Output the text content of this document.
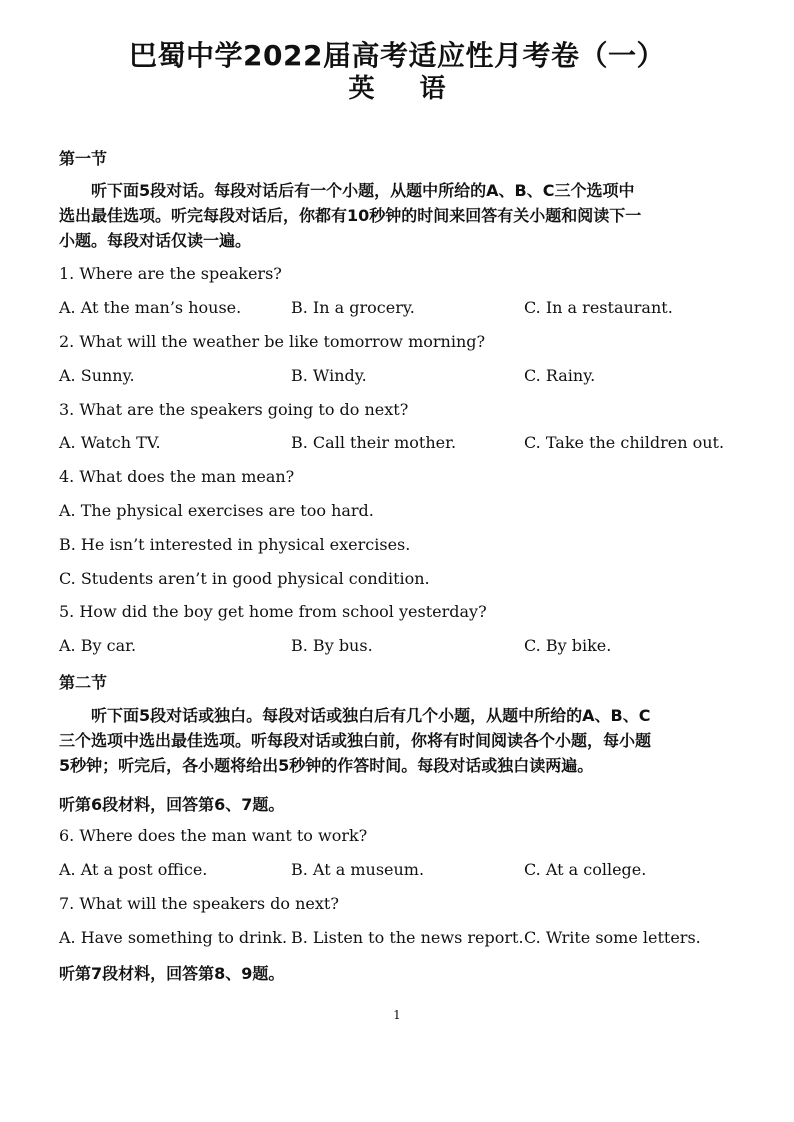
巴蜀中学2022届高考适应性月考卷（一）
英 语
第一节
听下面5段对话。每段对话后有一个小题，从题中所给的A、B、C三个选项中
选出最佳选项。听完每段对话后，你都有10秒钟的时间来回答有关小题和阅读下一
小题。每段对话仅读一遍。
1. Where are the speakers?
A. At the man’s house.	B. In a grocery.	C. In a restaurant.
2. What will the weather be like tomorrow morning?
A. Sunny.	B. Windy.	C. Rainy.
3. What are the speakers going to do next?
A. Watch TV.	B. Call their mother.	C. Take the children out.
4. What does the man mean?
A. The physical exercises are too hard.
B. He isn’t interested in physical exercises.
C. Students aren’t in good physical condition.
5. How did the boy get home from school yesterday?
A. By car.	B. By bus.	C. By bike.
第二节
听下面5段对话或独白。每段对话或独白后有几个小题，从题中所给的A、B、C
三个选项中选出最佳选项。听每段对话或独白前，你将有时间阅读各个小题，每小题
5秒钟；听完后，各小题将给出5秒钟的作答时间。每段对话或独白读两遍。
听第6段材料，回答第6、7题。
6. Where does the man want to work?
A. At a post office.	B. At a museum.	C. At a college.
7. What will the speakers do next?
A. Have something to drink. B. Listen to the news report. C. Write some letters.
听第7段材料，回答第8、9题。
1
